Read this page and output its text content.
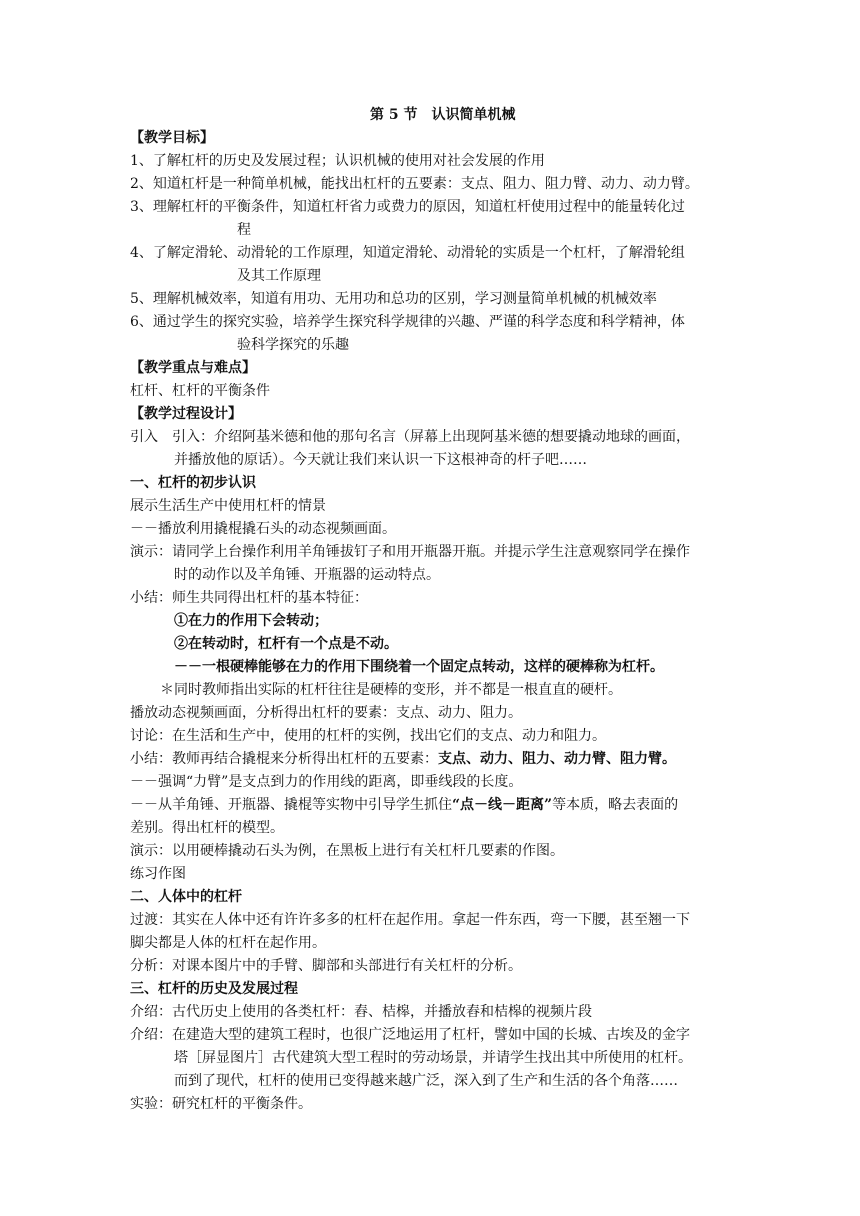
第 5 节　认识简单机械
【教学目标】
1、了解杠杆的历史及发展过程；认识机械的使用对社会发展的作用
2、知道杠杆是一种简单机械，能找出杠杆的五要素：支点、阻力、阻力臂、动力、动力臂。
3、理解杠杆的平衡条件，知道杠杆省力或费力的原因，知道杠杆使用过程中的能量转化过
程
4、了解定滑轮、动滑轮的工作原理，知道定滑轮、动滑轮的实质是一个杠杆，了解滑轮组
及其工作原理
5、理解机械效率，知道有用功、无用功和总功的区别，学习测量简单机械的机械效率
6、通过学生的探究实验，培养学生探究科学规律的兴趣、严谨的科学态度和科学精神，体
验科学探究的乐趣
【教学重点与难点】
杠杆、杠杆的平衡条件
【教学过程设计】
引入　引入：介绍阿基米德和他的那句名言（屏幕上出现阿基米德的想要撬动地球的画面，
并播放他的原话）。今天就让我们来认识一下这根神奇的杆子吧……
一、杠杆的初步认识
展示生活生产中使用杠杆的情景
－－播放利用撬棍撬石头的动态视频画面。
演示：请同学上台操作利用羊角锤拔钉子和用开瓶器开瓶。并提示学生注意观察同学在操作
时的动作以及羊角锤、开瓶器的运动特点。
小结：师生共同得出杠杆的基本特征：
①在力的作用下会转动；
②在转动时，杠杆有一个点是不动。
－－一根硬棒能够在力的作用下围绕着一个固定点转动，这样的硬棒称为杠杆。
＊同时教师指出实际的杠杆往往是硬棒的变形，并不都是一根直直的硬杆。
播放动态视频画面，分析得出杠杆的要素：支点、动力、阻力。
讨论：在生活和生产中，使用的杠杆的实例，找出它们的支点、动力和阻力。
小结：教师再结合撬棍来分析得出杠杆的五要素：支点、动力、阻力、动力臂、阻力臂。
－－强调“力臂”是支点到力的作用线的距离，即垂线段的长度。
－－从羊角锤、开瓶器、撬棍等实物中引导学生抓住“点－线－距离”等本质，略去表面的
差别。得出杠杆的模型。
演示：以用硬棒撬动石头为例，在黑板上进行有关杠杆几要素的作图。
练习作图
二、人体中的杠杆
过渡：其实在人体中还有许许多多的杠杆在起作用。拿起一件东西，弯一下腰，甚至翘一下
脚尖都是人体的杠杆在起作用。
分析：对课本图片中的手臂、脚部和头部进行有关杠杆的分析。
三、杠杆的历史及发展过程
介绍：古代历史上使用的各类杠杆：舂、桔槔，并播放舂和桔槔的视频片段
介绍：在建造大型的建筑工程时，也很广泛地运用了杠杆，譬如中国的长城、古埃及的金字
塔［屏显图片］古代建筑大型工程时的劳动场景，并请学生找出其中所使用的杠杆。
而到了现代，杠杆的使用已变得越来越广泛，深入到了生产和生活的各个角落……
实验：研究杠杆的平衡条件。
